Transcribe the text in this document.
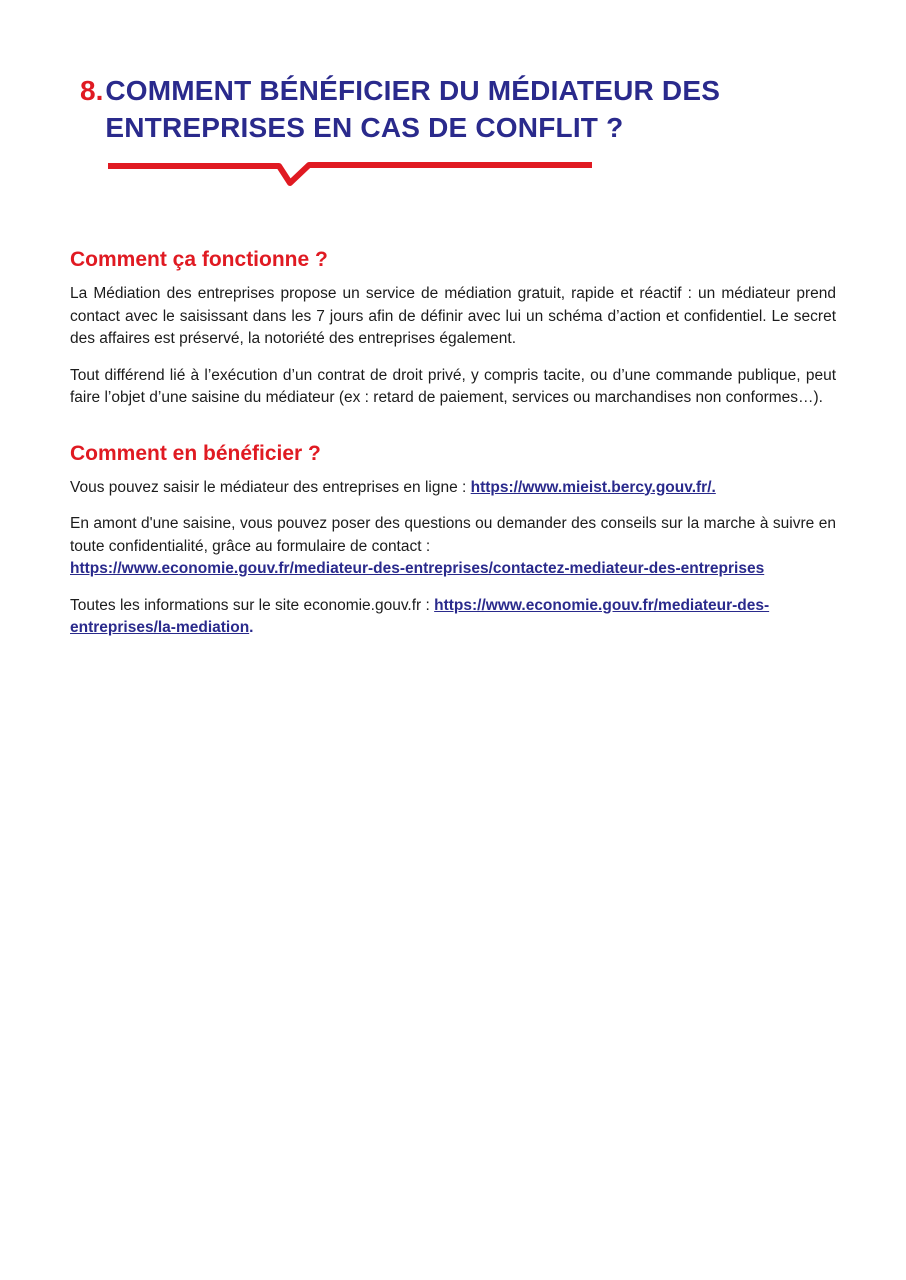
8. COMMENT BÉNÉFICIER DU MÉDIATEUR DES
ENTREPRISES EN CAS DE CONFLIT ?
Comment ça fonctionne ?

La Médiation des entreprises propose un service de médiation gratuit, rapide et réactif : un médiateur prend contact avec le saisissant dans les 7 jours afin de définir avec lui un schéma d’action et confidentiel. Le secret des affaires est préservé, la notoriété des entreprises également.

Tout différend lié à l’exécution d’un contrat de droit privé, y compris tacite, ou d’une commande publique, peut faire l’objet d’une saisine du médiateur (ex : retard de paiement, services ou marchandises non conformes…).

Comment en bénéficier ?

Vous pouvez saisir le médiateur des entreprises en ligne : https://www.mieist.bercy.gouv.fr/.

En amont d'une saisine, vous pouvez poser des questions ou demander des conseils sur la marche à suivre en toute confidentialité, grâce au formulaire de contact :
https://www.economie.gouv.fr/mediateur-des-entreprises/contactez-mediateur-des-entreprises

Toutes les informations sur le site economie.gouv.fr : https://www.economie.gouv.fr/mediateur-des-entreprises/la-mediation.
